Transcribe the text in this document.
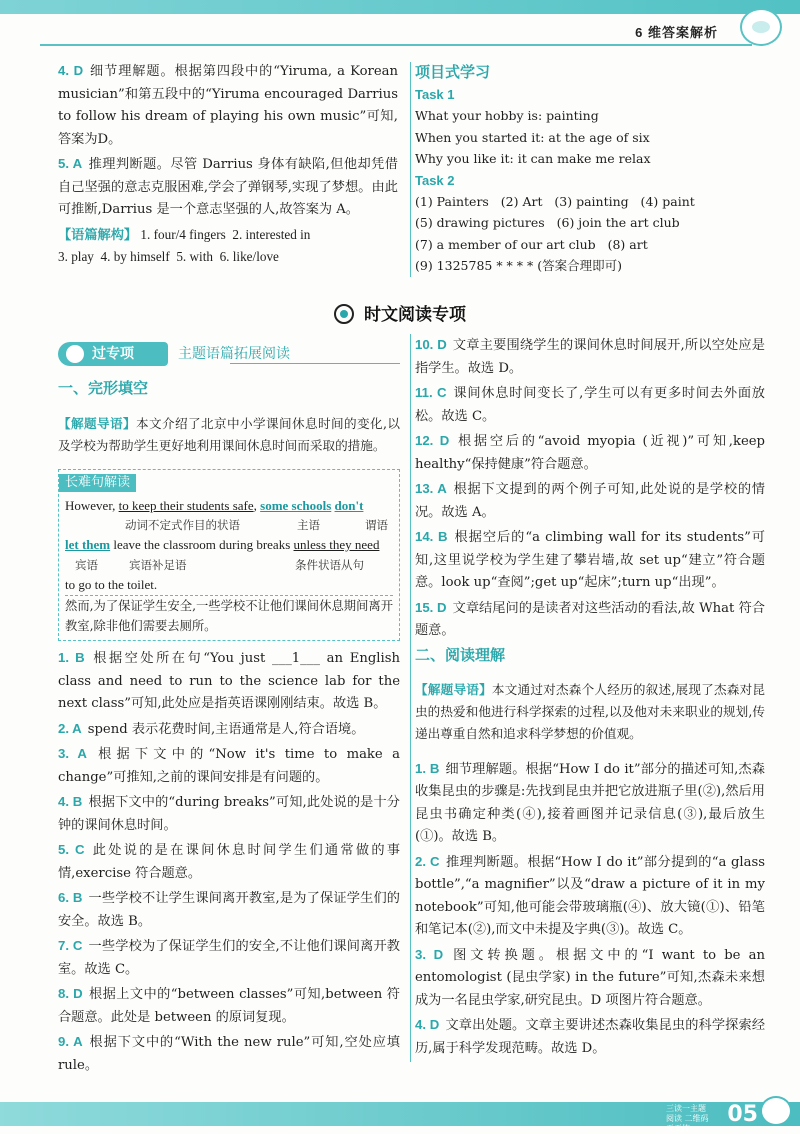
6 维答案解析

4. D 细节理解题。根据第四段中的“Yiruma, a Korean musician”和第五段中的“Yiruma encouraged Darrius to follow his dream of playing his own music”可知,答案为D。

5. A 推理判断题。尽管 Darrius 身体有缺陷,但他却凭借自己坚强的意志克服困难,学会了弹钢琴,实现了梦想。由此可推断,Darrius 是一个意志坚强的人,故答案为 A。

【语篇解构】 1. four/4 fingers 2. interested in
3. play 4. by himself 5. with 6. like/love

项目式学习

Task 1
What your hobby is: painting
When you started it: at the age of six
Why you like it: it can make me relax
Task 2
(1) Painters   (2) Art   (3) painting   (4) paint
(5) drawing pictures   (6) join the art club
(7) a member of our art club   (8) art
(9) 1325785 * * * * (答案合理即可)
时文阅读专项
过专项	主题语篇拓展阅读

一、完形填空

【解题导语】本文介绍了北京中小学课间休息时间的变化,以及学校为帮助学生更好地利用课间休息时间而采取的措施。

长难句解读
However, to keep their students safe, some schools don't
动词不定式作目的状语	主语	谓语
let them leave the classroom during breaks unless they need
宾语	宾语补足语	条件状语从句
to go to the toilet.
然而,为了保证学生安全,一些学校不让他们课间休息期间离开教室,除非他们需要去厕所。

1. B 根据空处所在句“You just ___1___ an English class and need to run to the science lab for the next class”可知,此处应是指英语课刚刚结束。故选 B。

2. A spend 表示花费时间,主语通常是人,符合语境。

3. A 根据下文中的“Now it's time to make a change”可推知,之前的课间安排是有问题的。

4. B 根据下文中的“during breaks”可知,此处说的是十分钟的课间休息时间。

5. C 此处说的是在课间休息时间学生们通常做的事情,exercise 符合题意。

6. B 一些学校不让学生课间离开教室,是为了保证学生们的安全。故选 B。

7. C 一些学校为了保证学生们的安全,不让他们课间离开教室。故选 C。

8. D 根据上文中的“between classes”可知,between 符合题意。此处是 between 的原词复现。

9. A 根据下文中的“With the new rule”可知,空处应填 rule。

10. D 文章主要围绕学生的课间休息时间展开,所以空处应是指学生。故选 D。

11. C 课间休息时间变长了,学生可以有更多时间去外面放松。故选 C。

12. D 根据空后的“avoid myopia (近视)”可知,keep healthy“保持健康”符合题意。

13. A 根据下文提到的两个例子可知,此处说的是学校的情况。故选 A。

14. B 根据空后的“a climbing wall for its students”可知,这里说学校为学生建了攀岩墙,故 set up“建立”符合题意。look up“查阅”;get up“起床”;turn up“出现”。

15. D 文章结尾问的是读者对这些活动的看法,故 What 符合题意。

二、阅读理解

【解题导语】本文通过对杰森个人经历的叙述,展现了杰森对昆虫的热爱和他进行科学探索的过程,以及他对未来职业的规划,传递出尊重自然和追求科学梦想的价值观。

1. B 细节理解题。根据“How I do it”部分的描述可知,杰森收集昆虫的步骤是:先找到昆虫并把它放进瓶子里(②),然后用昆虫书确定种类(④),接着画图并记录信息(③),最后放生(①)。故选 B。

2. C 推理判断题。根据“How I do it”部分提到的“a glass bottle”,“a magnifier”以及“draw a picture of it in my notebook”可知,他可能会带玻璃瓶(④)、放大镜(①)、铅笔和笔记本(②),而文中未提及字典(③)。故选 C。

3. D 图文转换题。根据文中的“I want to be an entomologist (昆虫学家) in the future”可知,杰森未来想成为一名昆虫学家,研究昆虫。D 项图片符合题意。

4. D 文章出处题。文章主要讲述杰森收集昆虫的科学探索经历,属于科学发现范畴。故选 D。

三读一主题阅读 二维码天天练
05
